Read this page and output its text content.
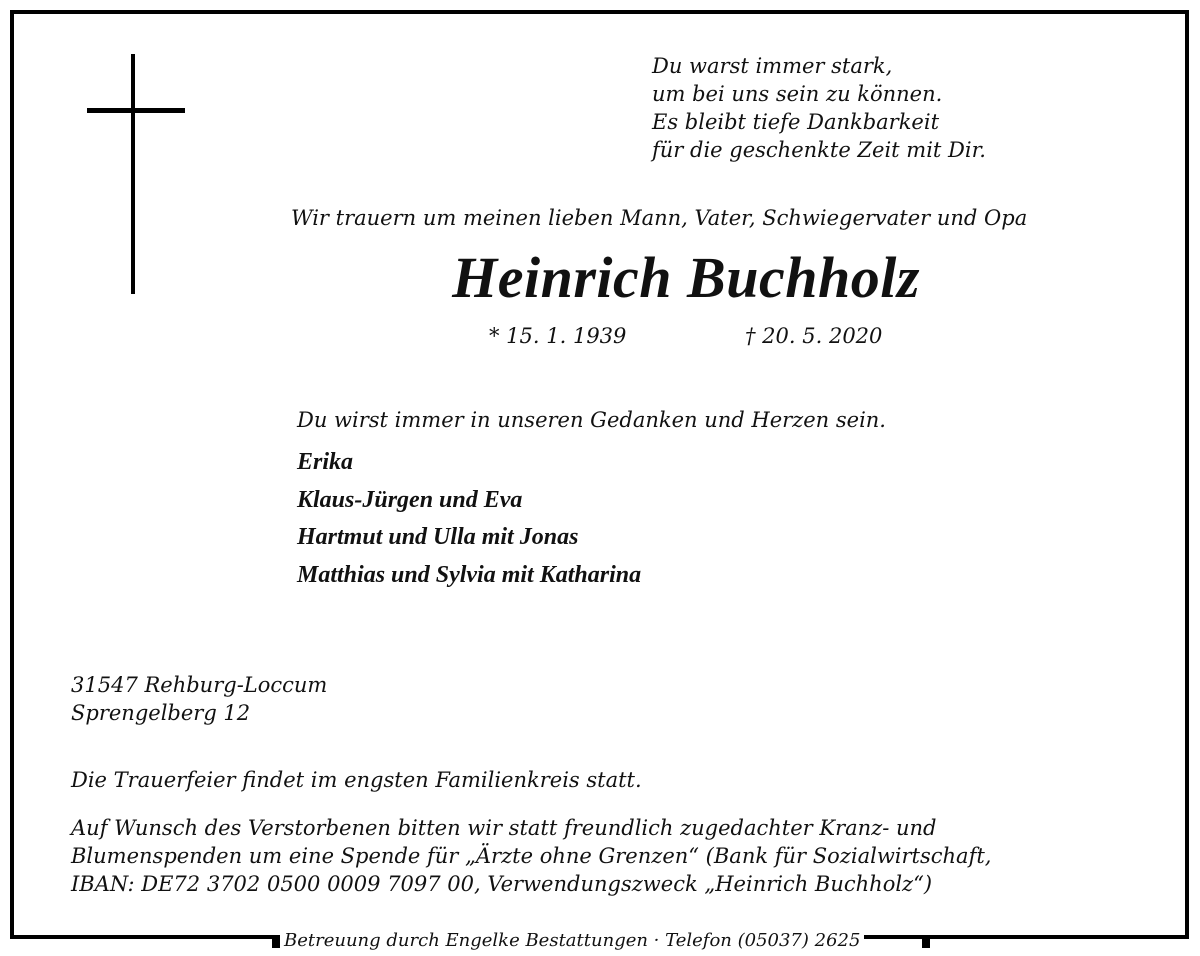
Du warst immer stark,
um bei uns sein zu können.
Es bleibt tiefe Dankbarkeit
für die geschenkte Zeit mit Dir.
Wir trauern um meinen lieben Mann, Vater, Schwiegervater und Opa
Heinrich Buchholz
* 15. 1. 1939	† 20. 5. 2020
Du wirst immer in unseren Gedanken und Herzen sein.
Erika
Klaus-Jürgen und Eva
Hartmut und Ulla mit Jonas
Matthias und Sylvia mit Katharina
31547 Rehburg-Loccum
Sprengelberg 12
Die Trauerfeier findet im engsten Familienkreis statt.
Auf Wunsch des Verstorbenen bitten wir statt freundlich zugedachter Kranz- und
Blumenspenden um eine Spende für „Ärzte ohne Grenzen“ (Bank für Sozialwirtschaft,
IBAN: DE72 3702 0500 0009 7097 00, Verwendungszweck „Heinrich Buchholz“)
Betreuung durch Engelke Bestattungen · Telefon (05037) 2625
